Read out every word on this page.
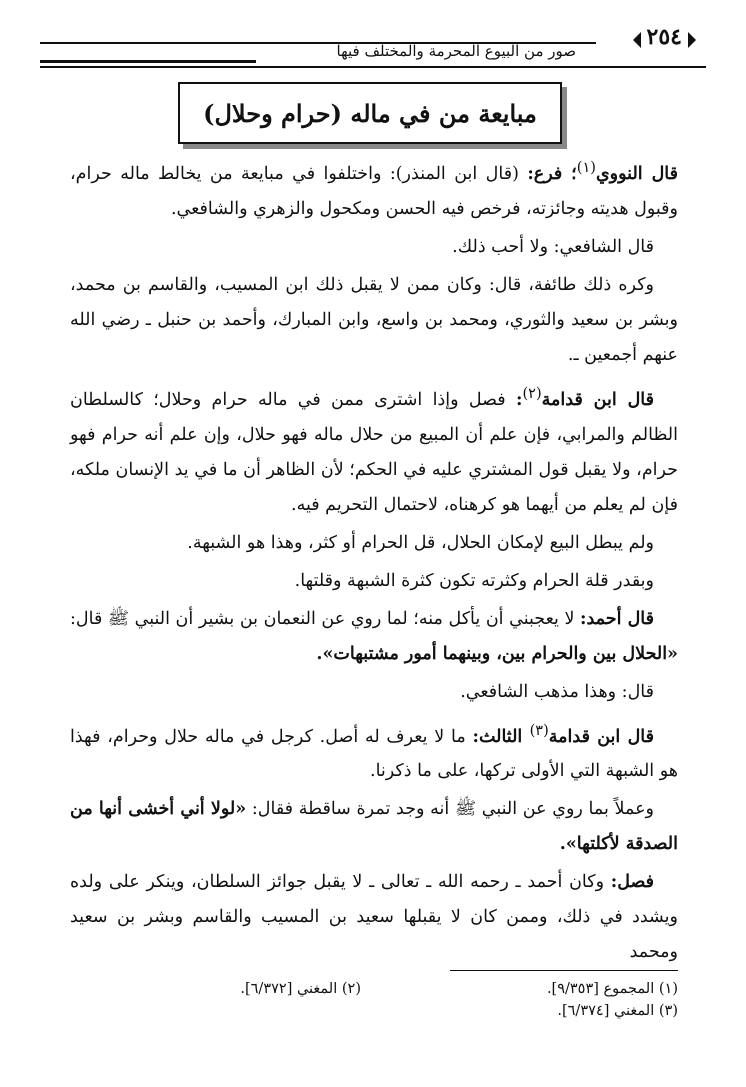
٢٥٤
صور من البيوع المحرمة والمختلف فيها
مبايعة من في ماله (حرام وحلال)

قال النووي$^{(١)}$؛ فرع: (قال ابن المنذر): واختلفوا في مبايعة من يخالط ماله حرام، وقبول هديته وجائزته، فرخص فيه الحسن ومكحول والزهري والشافعي.

قال الشافعي: ولا أحب ذلك.

وكره ذلك طائفة، قال: وكان ممن لا يقبل ذلك ابن المسيب، والقاسم بن محمد، وبشر بن سعيد والثوري، ومحمد بن واسع، وابن المبارك، وأحمد بن حنبل ـ رضي الله عنهم أجمعين ـ.

قال ابن قدامة$^{(٢)}$: فصل وإذا اشترى ممن في ماله حرام وحلال؛ كالسلطان الظالم والمرابي، فإن علم أن المبيع من حلال ماله فهو حلال، وإن علم أنه حرام فهو حرام، ولا يقبل قول المشتري عليه في الحكم؛ لأن الظاهر أن ما في يد الإنسان ملكه، فإن لم يعلم من أيهما هو كرهناه، لاحتمال التحريم فيه.

ولم يبطل البيع لإمكان الحلال، قل الحرام أو كثر، وهذا هو الشبهة.

وبقدر قلة الحرام وكثرته تكون كثرة الشبهة وقلتها.

قال أحمد: لا يعجبني أن يأكل منه؛ لما روي عن النعمان بن بشير أن النبي ﷺ قال: «الحلال بين والحرام بين، وبينهما أمور مشتبهات».

قال: وهذا مذهب الشافعي.

قال ابن قدامة$^{(٣)}$ الثالث: ما لا يعرف له أصل. كرجل في ماله حلال وحرام، فهذا هو الشبهة التي الأولى تركها، على ما ذكرنا.

وعملاً بما روي عن النبي ﷺ أنه وجد تمرة ساقطة فقال: «لولا أني أخشى أنها من الصدقة لأكلتها».

فصل: وكان أحمد ـ رحمه الله ـ تعالى ـ لا يقبل جوائز السلطان، وينكر على ولده ويشدد في ذلك، وممن كان لا يقبلها سعيد بن المسيب والقاسم وبشر بن سعيد ومحمد

(١) المجموع [٩/٣٥٣].
(٢) المغني [٦/٣٧٢].
(٣) المغني [٦/٣٧٤].
